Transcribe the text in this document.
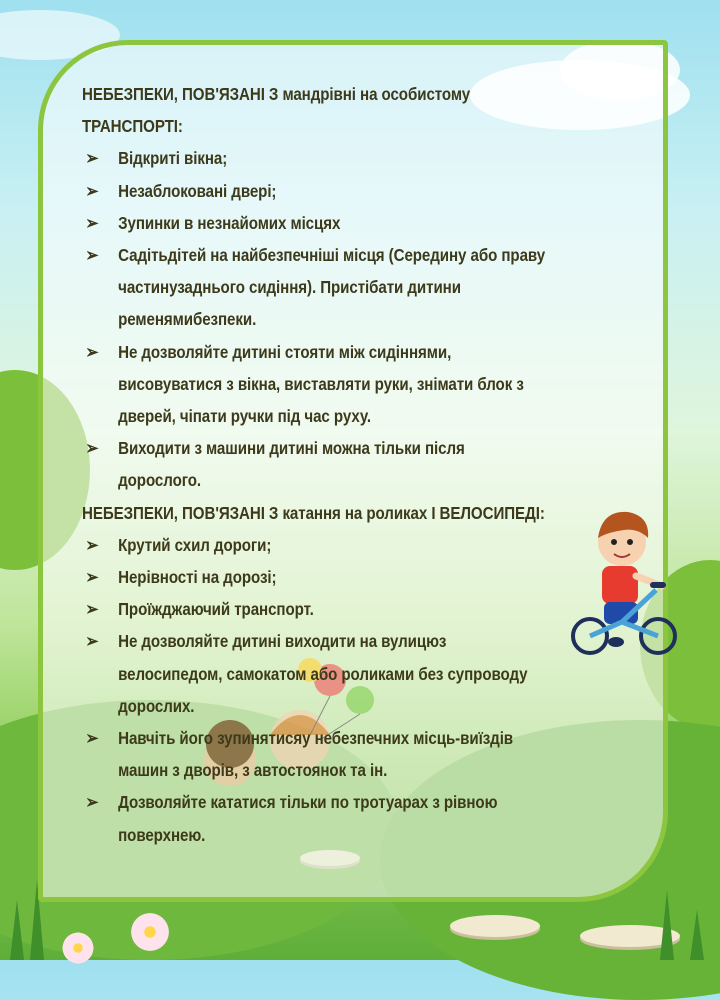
НЕБЕЗПЕКИ, ПОВ'ЯЗАНІ З мандрівні на особистому ТРАНСПОРТІ:

➢ Відкриті вікна;
➢ Незаблоковані двері;
➢ Зупинки в незнайомих місцях
➢ Садітьдітей на найбезпечніші місця (Середину або праву частинузаднього сидіння). Пристібати дитини ременямибезпеки.
➢ Не дозволяйте дитині стояти між сидіннями, висовуватися з вікна, виставляти руки, знімати блок з дверей, чіпати ручки під час руху.
➢ Виходити з машини дитині можна тільки після дорослого.

НЕБЕЗПЕКИ, ПОВ'ЯЗАНІ З катання на роликах І ВЕЛОСИПЕДІ:

➢ Крутий схил дороги;
➢ Нерівності на дорозі;
➢ Проїжджаючий транспорт.
➢ Не дозволяйте дитині виходити на вулицюз велосипедом, самокатом або роликами без супроводу дорослих.
➢ Навчіть його зупинятисяу небезпечних місць-виїздів машин з дворів, з автостоянок та ін.
➢ Дозволяйте кататися тільки по тротуарах з рівною поверхнею.
